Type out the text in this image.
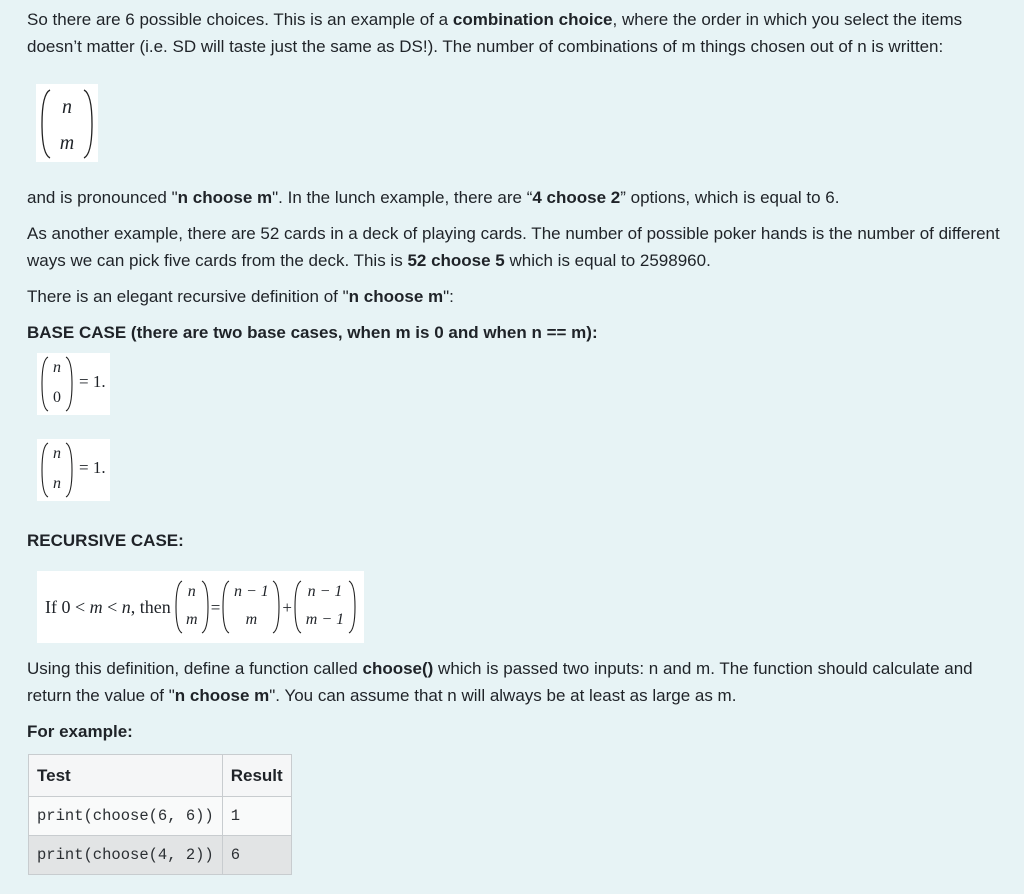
So there are 6 possible choices. This is an example of a combination choice, where the order in which you select the items doesn’t matter (i.e. SD will taste just the same as DS!). The number of combinations of m things chosen out of n is written:

n
m

and is pronounced "n choose m". In the lunch example, there are “4 choose 2” options, which is equal to 6.

As another example, there are 52 cards in a deck of playing cards. The number of possible poker hands is the number of different ways we can pick five cards from the deck. This is 52 choose 5 which is equal to 2598960.

There is an elegant recursive definition of "n choose m":

BASE CASE (there are two base cases, when m is 0 and when n == m):

n
0
= 1.
n
n
= 1.

RECURSIVE CASE:

If 0 < m < n, then
n
m
=
n − 1
m
+
n − 1
m − 1

Using this definition, define a function called choose() which is passed two inputs: n and m. The function should calculate and return the value of "n choose m". You can assume that n will always be at least as large as m.

For example:

Test	Result
print(choose(6, 6))	1
print(choose(4, 2))	6
